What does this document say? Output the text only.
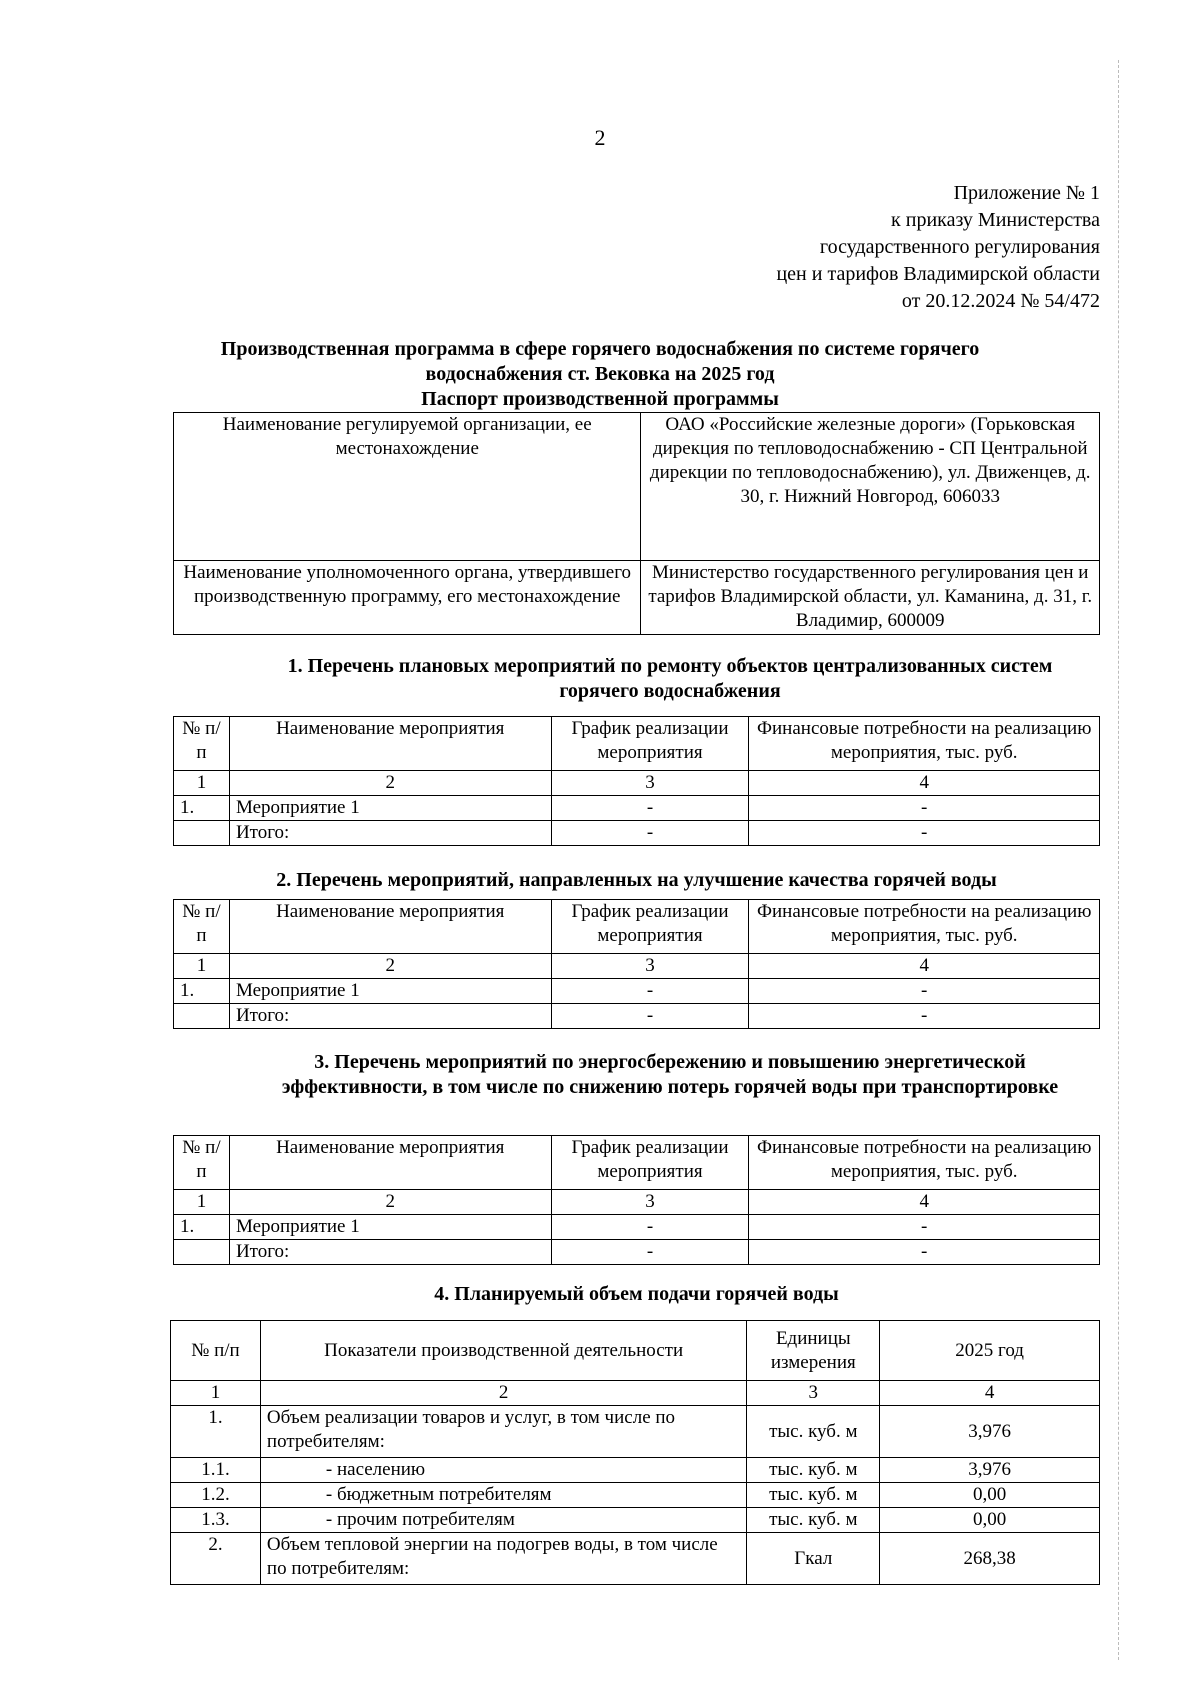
2
Приложение № 1
к приказу Министерства
государственного регулирования
цен и тарифов Владимирской области
от 20.12.2024 № 54/472
Производственная программа в сфере горячего водоснабжения по системе горячего
водоснабжения ст. Вековка на 2025 год
Паспорт производственной программы
Наименование регулируемой организации, ее местонахождение	ОАО «Российские железные дороги» (Горьковская дирекция по тепловодоснабжению - СП Центральной дирекции по тепловодоснабжению), ул. Движенцев, д. 30, г. Нижний Новгород, 606033
Наименование уполномоченного органа, утвердившего производственную программу, его местонахождение	Министерство государственного регулирования цен и тарифов Владимирской области, ул. Каманина, д. 31, г. Владимир, 600009
1. Перечень плановых мероприятий по ремонту объектов централизованных систем горячего водоснабжения
№ п/п	Наименование мероприятия	График реализации мероприятия	Финансовые потребности на реализацию мероприятия, тыс. руб.
1	2	3	4
1.	Мероприятие 1	-	-
	Итого:	-	-
2. Перечень мероприятий, направленных на улучшение качества горячей воды
№ п/п	Наименование мероприятия	График реализации мероприятия	Финансовые потребности на реализацию мероприятия, тыс. руб.
1	2	3	4
1.	Мероприятие 1	-	-
	Итого:	-	-
3. Перечень мероприятий по энергосбережению и повышению энергетической эффективности, в том числе по снижению потерь горячей воды при транспортировке
№ п/п	Наименование мероприятия	График реализации мероприятия	Финансовые потребности на реализацию мероприятия, тыс. руб.
1	2	3	4
1.	Мероприятие 1	-	-
	Итого:	-	-
4. Планируемый объем подачи горячей воды
№ п/п	Показатели производственной деятельности	Единицы измерения	2025 год
1	2	3	4
1.	Объем реализации товаров и услуг, в том числе по потребителям:	тыс. куб. м	3,976
1.1.	- населению	тыс. куб. м	3,976
1.2.	- бюджетным потребителям	тыс. куб. м	0,00
1.3.	- прочим потребителям	тыс. куб. м	0,00
2.	Объем тепловой энергии на подогрев воды, в том числе по потребителям:	Гкал	268,38
